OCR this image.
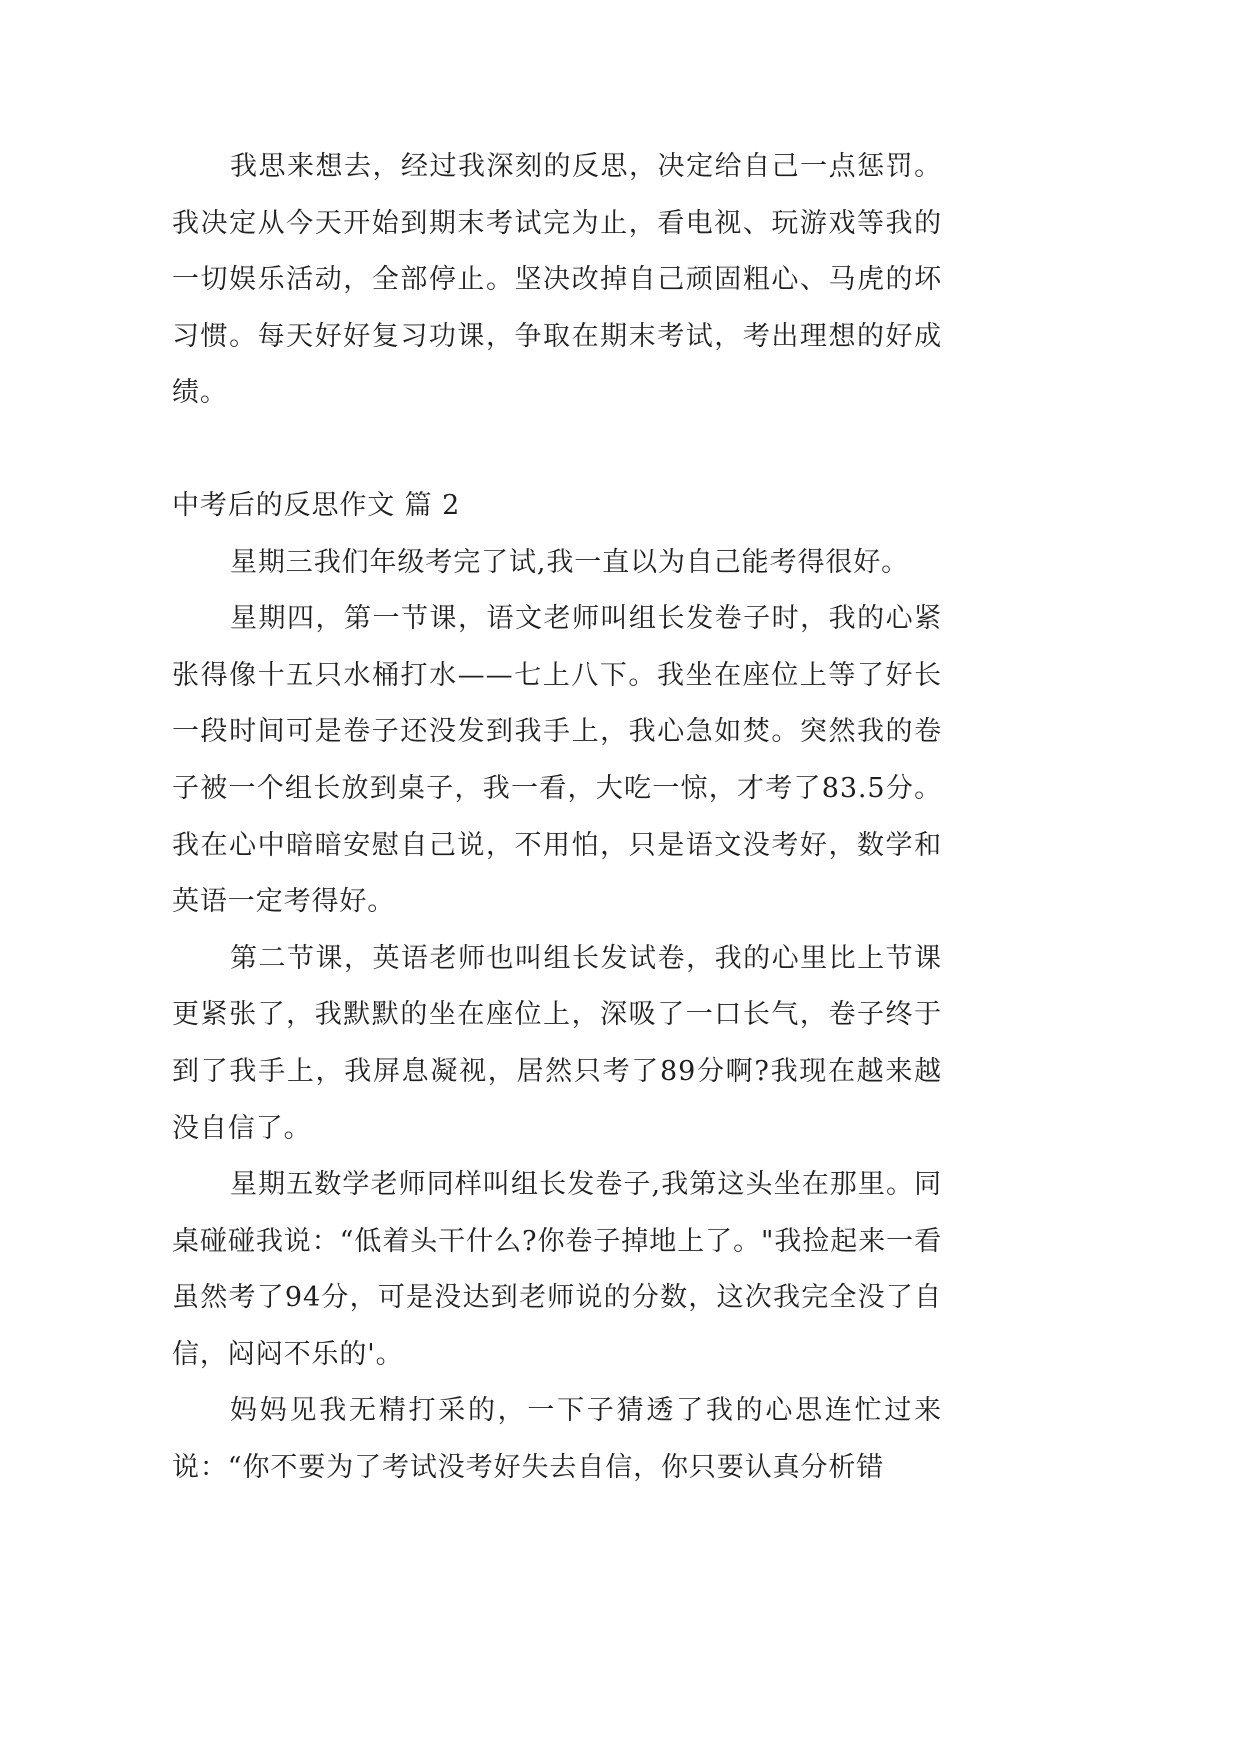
我思来想去，经过我深刻的反思，决定给自己一点惩罚。我决定从今天开始到期末考试完为止，看电视、玩游戏等我的一切娱乐活动，全部停止。坚决改掉自己顽固粗心、马虎的坏习惯。每天好好复习功课，争取在期末考试，考出理想的好成绩。

中考后的反思作文 篇 2

星期三我们年级考完了试,我一直以为自己能考得很好。

星期四，第一节课，语文老师叫组长发卷子时，我的心紧张得像十五只水桶打水——七上八下。我坐在座位上等了好长一段时间可是卷子还没发到我手上，我心急如焚。突然我的卷子被一个组长放到桌子，我一看，大吃一惊，才考了83.5分。我在心中暗暗安慰自己说，不用怕，只是语文没考好，数学和英语一定考得好。

第二节课，英语老师也叫组长发试卷，我的心里比上节课更紧张了，我默默的坐在座位上，深吸了一口长气，卷子终于到了我手上，我屏息凝视，居然只考了89分啊?我现在越来越没自信了。

星期五数学老师同样叫组长发卷子,我第这头坐在那里。同桌碰碰我说：“低着头干什么?你卷子掉地上了。"我捡起来一看虽然考了94分，可是没达到老师说的分数，这次我完全没了自信，闷闷不乐的'。

妈妈见我无精打采的，一下子猜透了我的心思连忙过来说：“你不要为了考试没考好失去自信，你只要认真分析错
